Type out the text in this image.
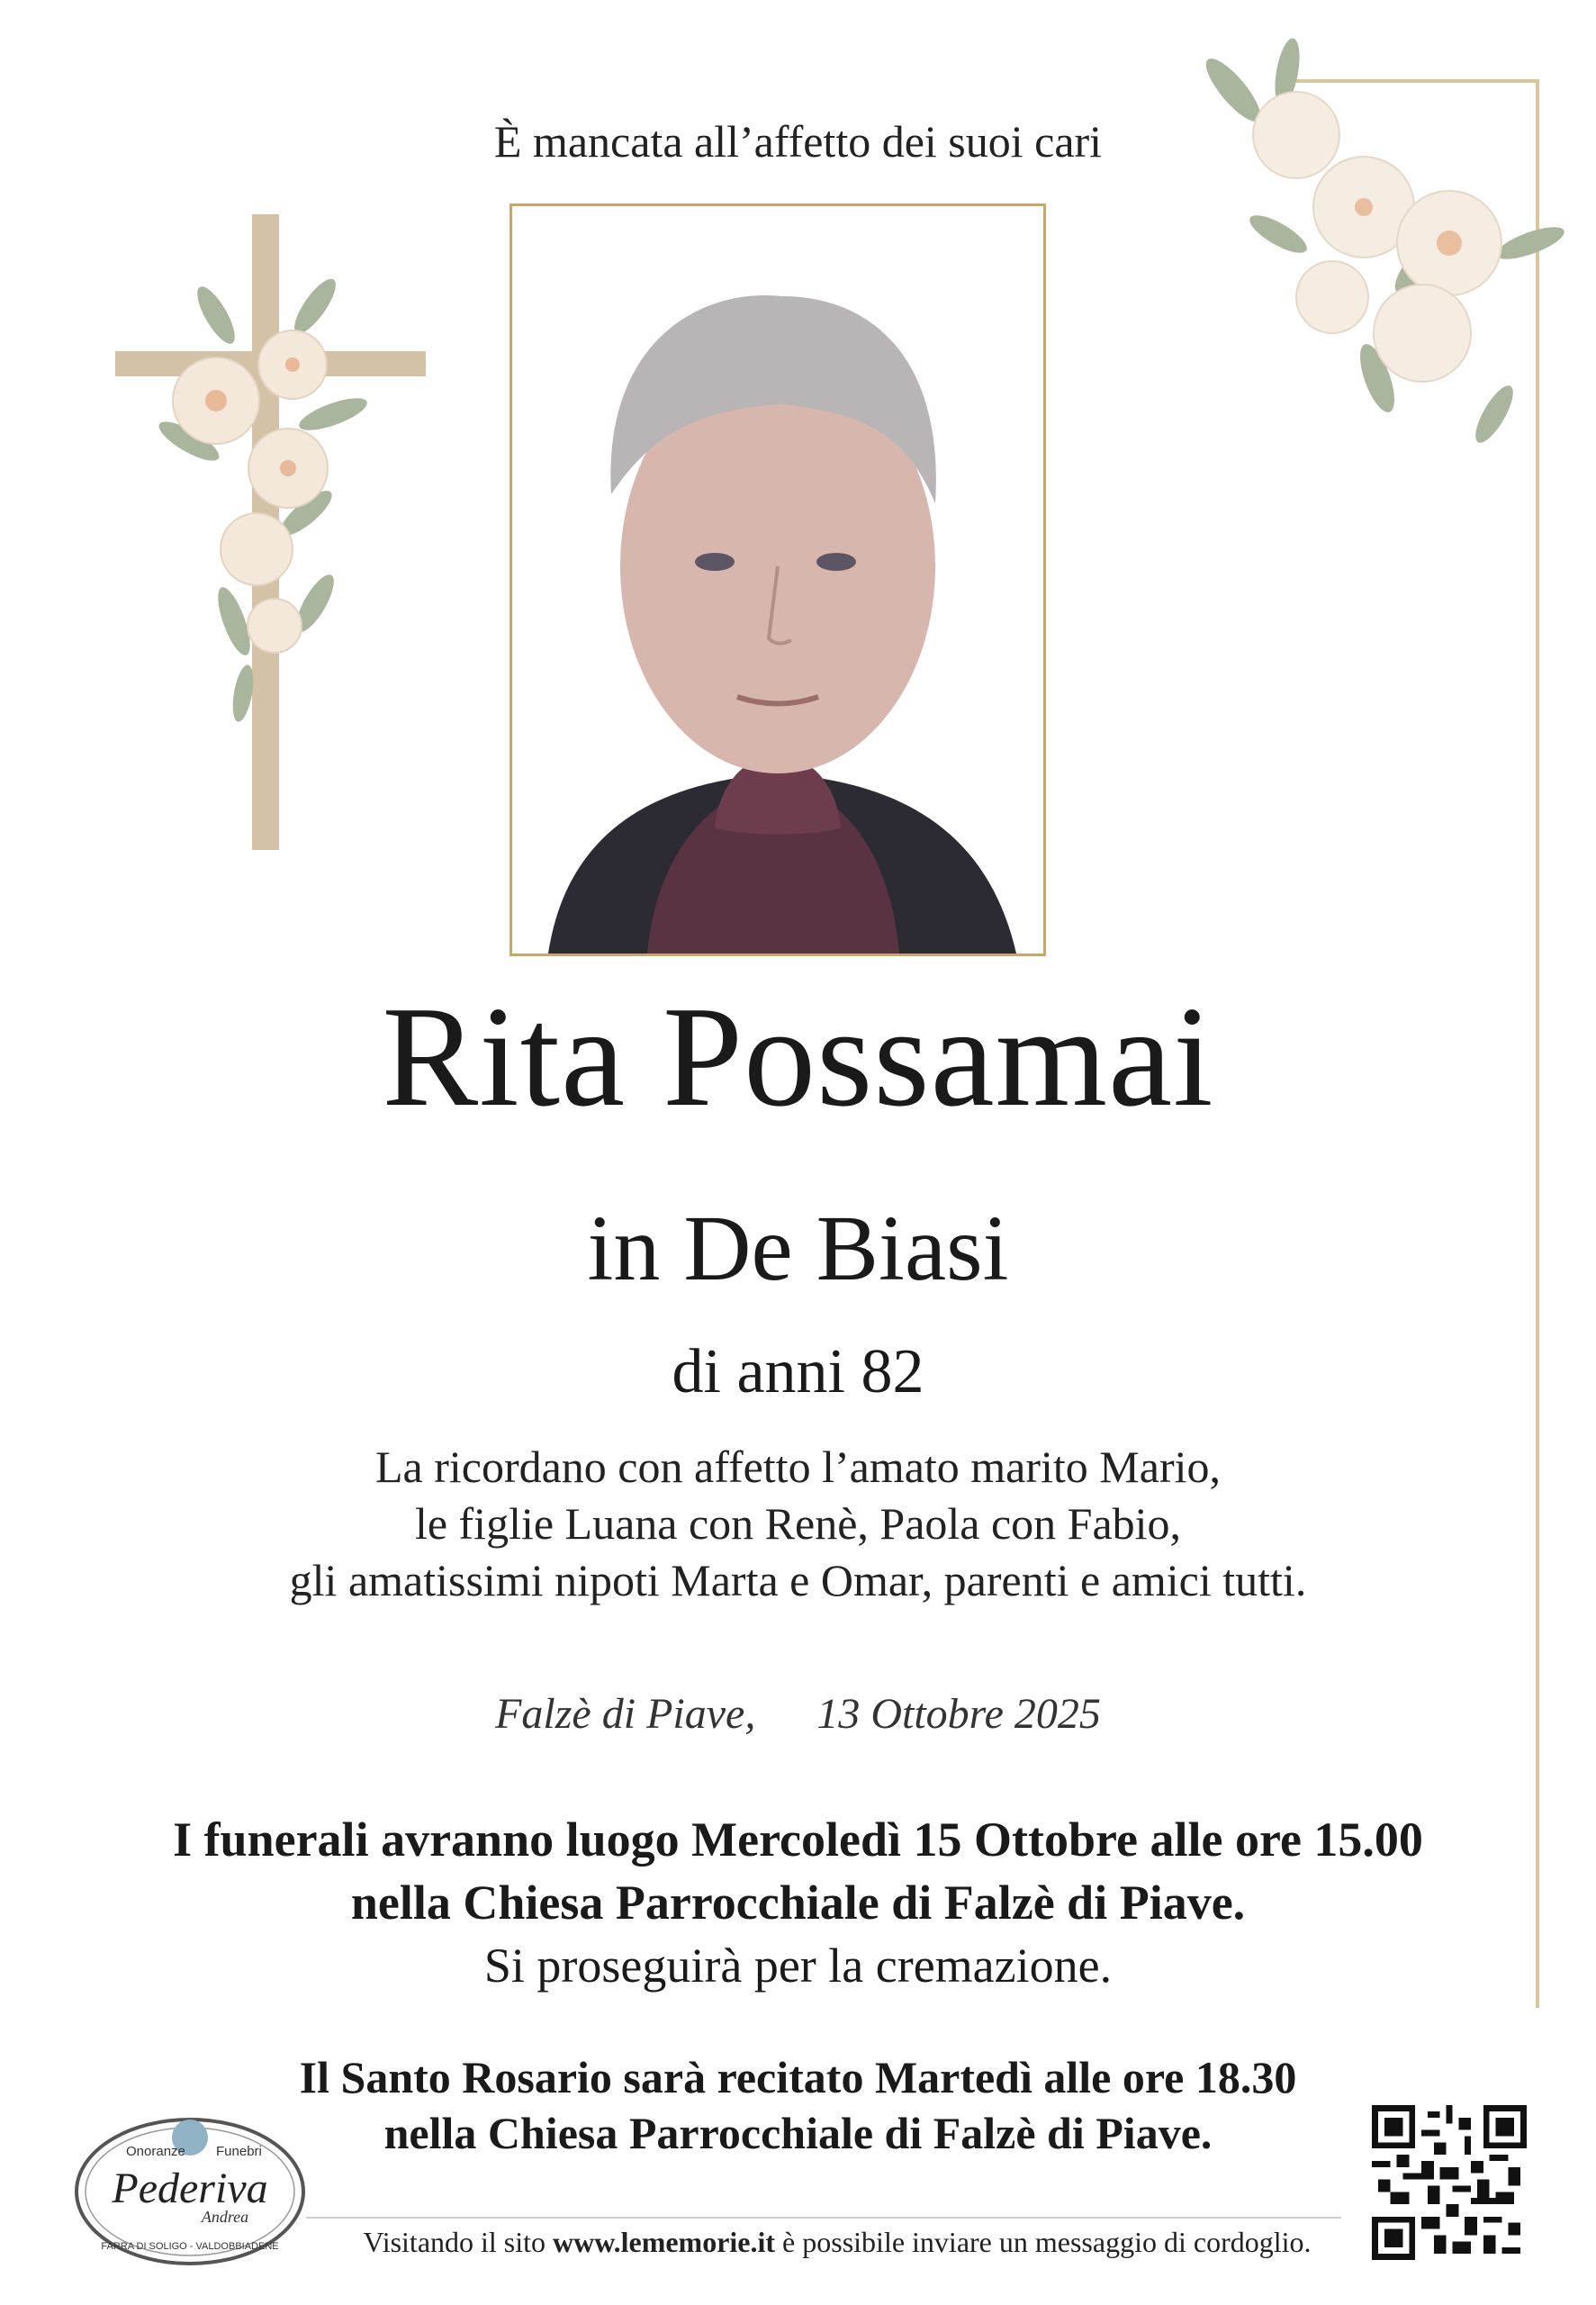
È mancata all’affetto dei suoi cari
Rita Possamai
in De Biasi
di anni 82
La ricordano con affetto l’amato marito Mario,
le figlie Luana con Renè, Paola con Fabio,
gli amatissimi nipoti Marta e Omar, parenti e amici tutti.
Falzè di Piave, 13 Ottobre 2025
I funerali avranno luogo Mercoledì 15 Ottobre alle ore 15.00
nella Chiesa Parrocchiale di Falzè di Piave.
Si proseguirà per la cremazione.
Il Santo Rosario sarà recitato Martedì alle ore 18.30
nella Chiesa Parrocchiale di Falzè di Piave.
Onoranze Funebri
Pederiva
Andrea
FARRA DI SOLIGO - VALDOBBIADENE	Visitando il sito www.lememorie.it è possibile inviare un messaggio di cordoglio.
